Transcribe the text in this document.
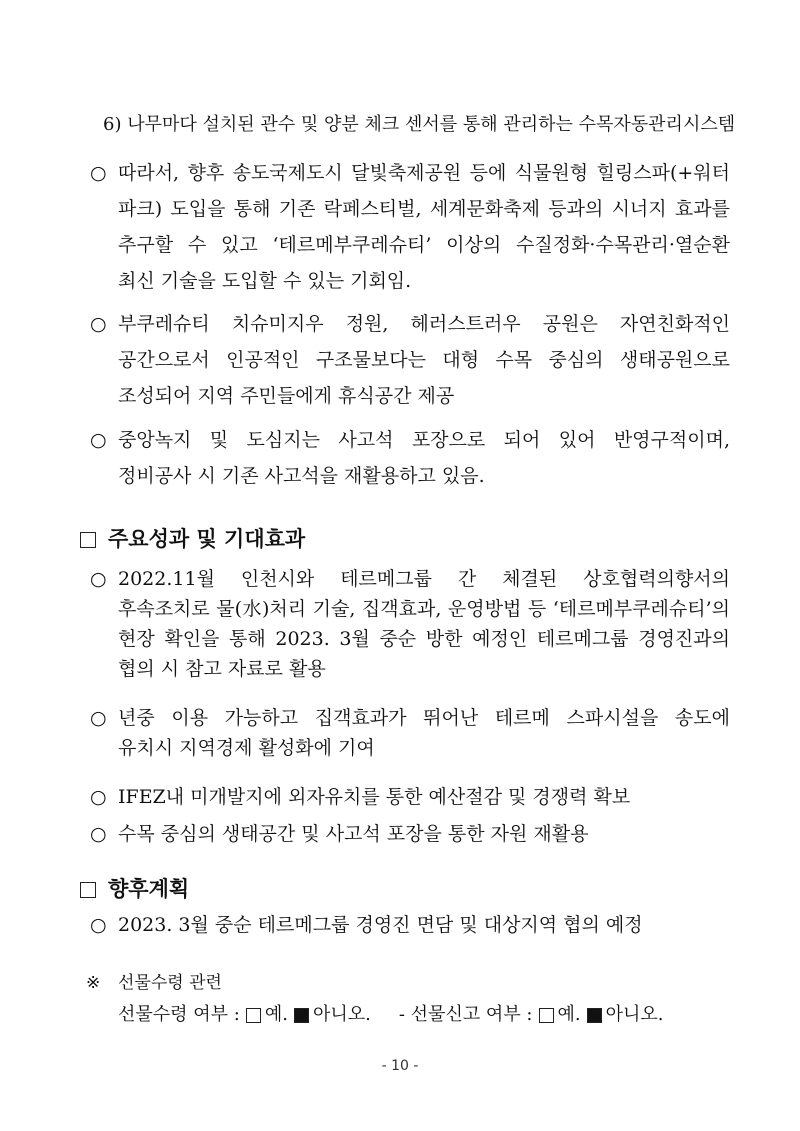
6) 나무마다 설치된 관수 및 양분 체크 센서를 통해 관리하는 수목자동관리시스템
○ 따라서, 향후 송도국제도시 달빛축제공원 등에 식물원형 힐링스파(+워터
파크) 도입을 통해 기존 락페스티벌, 세계문화축제 등과의 시너지 효과를
추구할 수 있고 ‘테르메부쿠레슈티’ 이상의 수질정화·수목관리·열순환
최신 기술을 도입할 수 있는 기회임.
○ 부쿠레슈티 치슈미지우 정원, 헤러스트러우 공원은 자연친화적인
공간으로서 인공적인 구조물보다는 대형 수목 중심의 생태공원으로
조성되어 지역 주민들에게 휴식공간 제공
○ 중앙녹지 및 도심지는 사고석 포장으로 되어 있어 반영구적이며,
정비공사 시 기존 사고석을 재활용하고 있음.
주요성과 및 기대효과
○ 2022.11월 인천시와 테르메그룹 간 체결된 상호협력의향서의
후속조치로 물(水)처리 기술, 집객효과, 운영방법 등 ‘테르메부쿠레슈티’의
현장 확인을 통해 2023. 3월 중순 방한 예정인 테르메그룹 경영진과의
협의 시 참고 자료로 활용
○ 년중 이용 가능하고 집객효과가 뛰어난 테르메 스파시설을 송도에
유치시 지역경제 활성화에 기여
○ IFEZ내 미개발지에 외자유치를 통한 예산절감 및 경쟁력 확보
○ 수목 중심의 생태공간 및 사고석 포장을 통한 자원 재활용
향후계획
○ 2023. 3월 중순 테르메그룹 경영진 면담 및 대상지역 협의 예정
※ 선물수령 관련
선물수령 여부 : 예. 아니오. - 선물신고 여부 : 예. 아니오.
- 10 -
